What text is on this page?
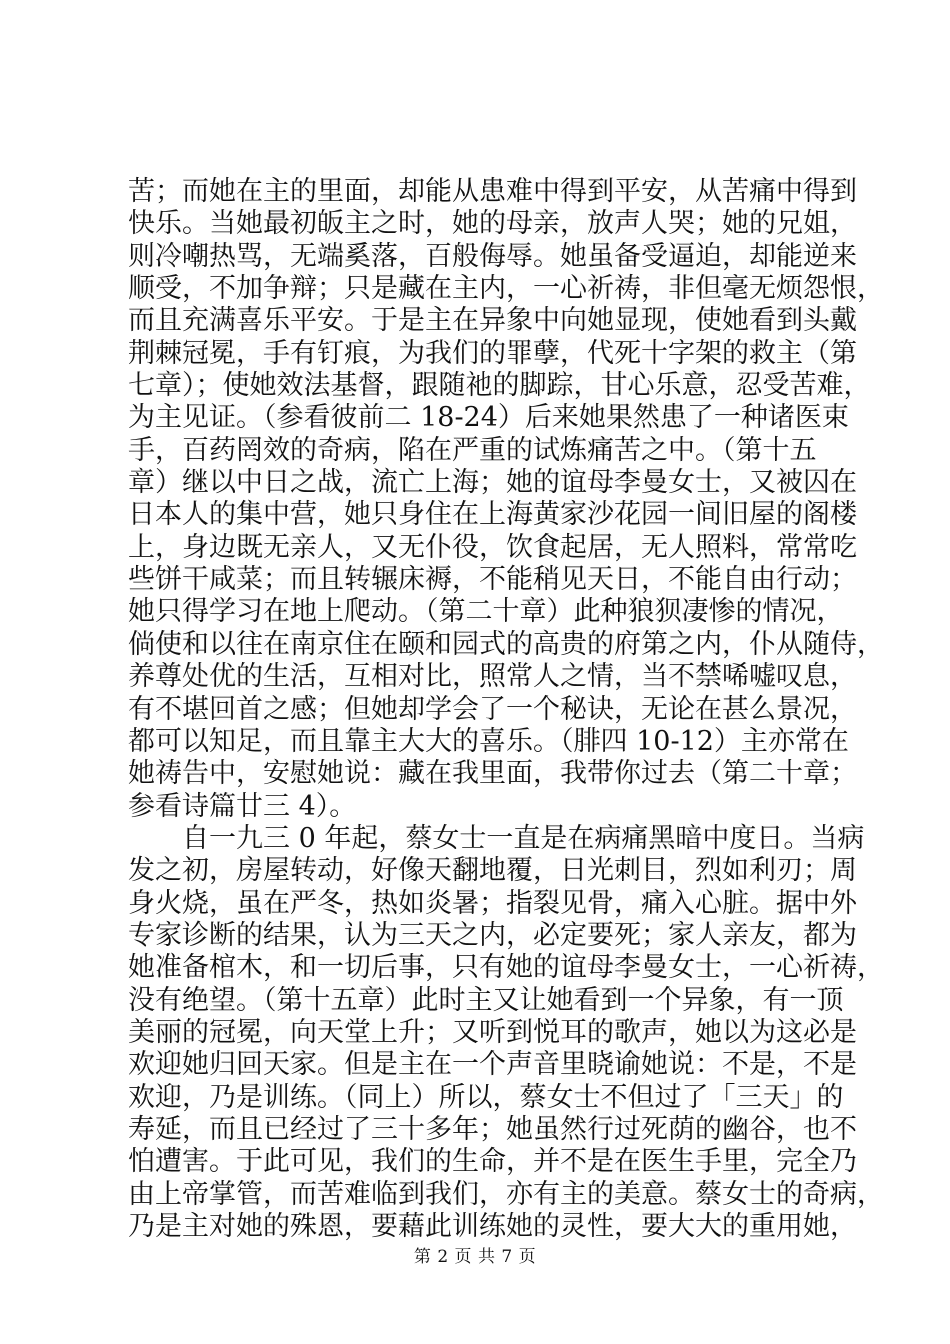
苦；而她在主的里面，却能从患难中得到平安，从苦痛中得到
快乐。当她最初皈主之时，她的母亲，放声人哭；她的兄姐，
则冷嘲热骂，无端奚落，百般侮辱。她虽备受逼迫，却能逆来
顺受，不加争辩；只是藏在主内，一心祈祷，非但毫无烦怨恨，
而且充满喜乐平安。于是主在异象中向她显现，使她看到头戴
荆棘冠冕，手有钉痕，为我们的罪孽，代死十字架的救主（第
七章）；使她效法基督，跟随祂的脚踪，甘心乐意，忍受苦难，
为主见证。（参看彼前二 18-24）后来她果然患了一种诸医束
手，百药罔效的奇病，陷在严重的试炼痛苦之中。（第十五
章）继以中日之战，流亡上海；她的谊母李曼女士，又被囚在
日本人的集中营，她只身住在上海黄家沙花园一间旧屋的阁楼
上，身边既无亲人，又无仆役，饮食起居，无人照料，常常吃
些饼干咸菜；而且转辗床褥，不能稍见天日，不能自由行动；
她只得学习在地上爬动。（第二十章）此种狼狈凄惨的情况，
倘使和以往在南京住在颐和园式的高贵的府第之内，仆从随侍，
养尊处优的生活，互相对比，照常人之情，当不禁唏嘘叹息，
有不堪回首之感；但她却学会了一个秘诀，无论在甚么景况，
都可以知足，而且靠主大大的喜乐。（腓四 10-12）主亦常在
她祷告中，安慰她说：藏在我里面，我带你过去（第二十章；
参看诗篇廿三 4）。
自一九三 0 年起，蔡女士一直是在病痛黑暗中度日。当病
发之初，房屋转动，好像天翻地覆，日光刺目，烈如利刃；周
身火烧，虽在严冬，热如炎暑；指裂见骨，痛入心脏。据中外
专家诊断的结果，认为三天之内，必定要死；家人亲友，都为
她准备棺木，和一切后事，只有她的谊母李曼女士，一心祈祷，
没有绝望。（第十五章）此时主又让她看到一个异象，有一顶
美丽的冠冕，向天堂上升；又听到悦耳的歌声，她以为这必是
欢迎她归回天家。但是主在一个声音里晓谕她说：不是，不是
欢迎，乃是训练。（同上）所以，蔡女士不但过了「三天」的
寿延，而且已经过了三十多年；她虽然行过死荫的幽谷，也不
怕遭害。于此可见，我们的生命，并不是在医生手里，完全乃
由上帝掌管，而苦难临到我们，亦有主的美意。蔡女士的奇病，
乃是主对她的殊恩，要藉此训练她的灵性，要大大的重用她，
第 2 页 共 7 页
